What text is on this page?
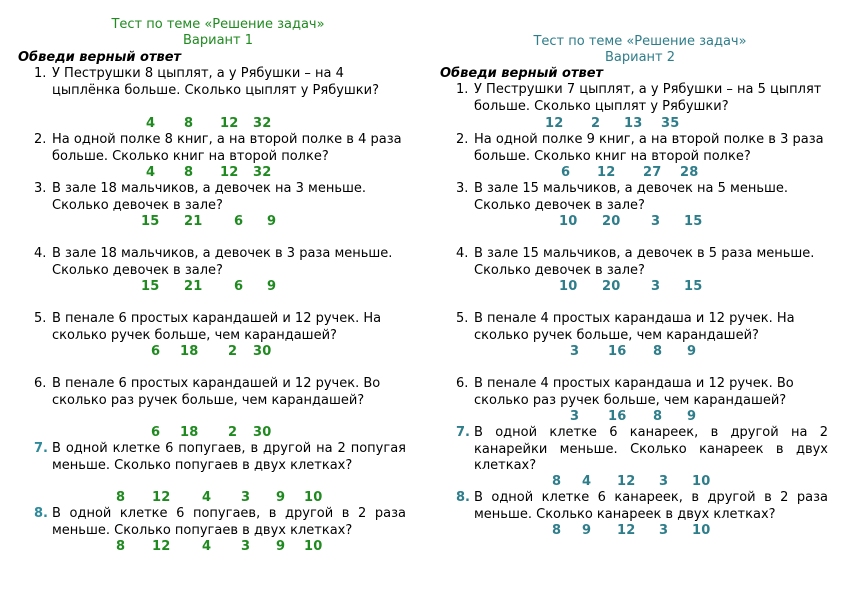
Тест по теме «Решение задач»
Вариант 1
Обведи верный ответ
1. У Пеструшки 8 цыплят, а у Рябушки – на 4 цыплёнка больше. Сколько цыплят у Рябушки?
4 8 12 32
2. На одной полке 8 книг, а на второй полке в 4 раза больше. Сколько книг на второй полке?
4 8 12 32
3. В зале 18 мальчиков, а девочек на 3 меньше. Сколько девочек в зале?
15 21 6 9
4. В зале 18 мальчиков, а девочек в 3 раза меньше. Сколько девочек в зале?
15 21 6 9
5. В пенале 6 простых карандашей и 12 ручек. На сколько ручек больше, чем карандашей?
6 18 2 30
6. В пенале 6 простых карандашей и 12 ручек. Во сколько раз ручек больше, чем карандашей?
6 18 2 30
7. В одной клетке 6 попугаев, в другой на 2 попугая меньше. Сколько попугаев в двух клетках?
8 12 4 3 9 10
8. В одной клетке 6 попугаев, в другой в 2 раза меньше. Сколько попугаев в двух клетках?
8 12 4 3 9 10
Тест по теме «Решение задач»
Вариант 2
Обведи верный ответ
1. У Пеструшки 7 цыплят, а у Рябушки – на 5 цыплят больше. Сколько цыплят у Рябушки?
12 2 13 35
2. На одной полке 9 книг, а на второй полке в 3 раза больше. Сколько книг на второй полке?
6 12 27 28
3. В зале 15 мальчиков, а девочек на 5 меньше. Сколько девочек в зале?
10 20 3 15
4. В зале 15 мальчиков, а девочек в 5 раза меньше. Сколько девочек в зале?
10 20 3 15
5. В пенале 4 простых карандаша и 12 ручек. На сколько ручек больше, чем карандашей?
3 16 8 9
6. В пенале 4 простых карандаша и 12 ручек. Во сколько раз ручек больше, чем карандашей?
3 16 8 9
7. В одной клетке 6 канареек, в другой на 2 канарейки меньше. Сколько канареек в двух клетках?
8 4 12 3 10
8. В одной клетке 6 канареек, в другой в 2 раза меньше. Сколько канареек в двух клетках?
8 9 12 3 10
